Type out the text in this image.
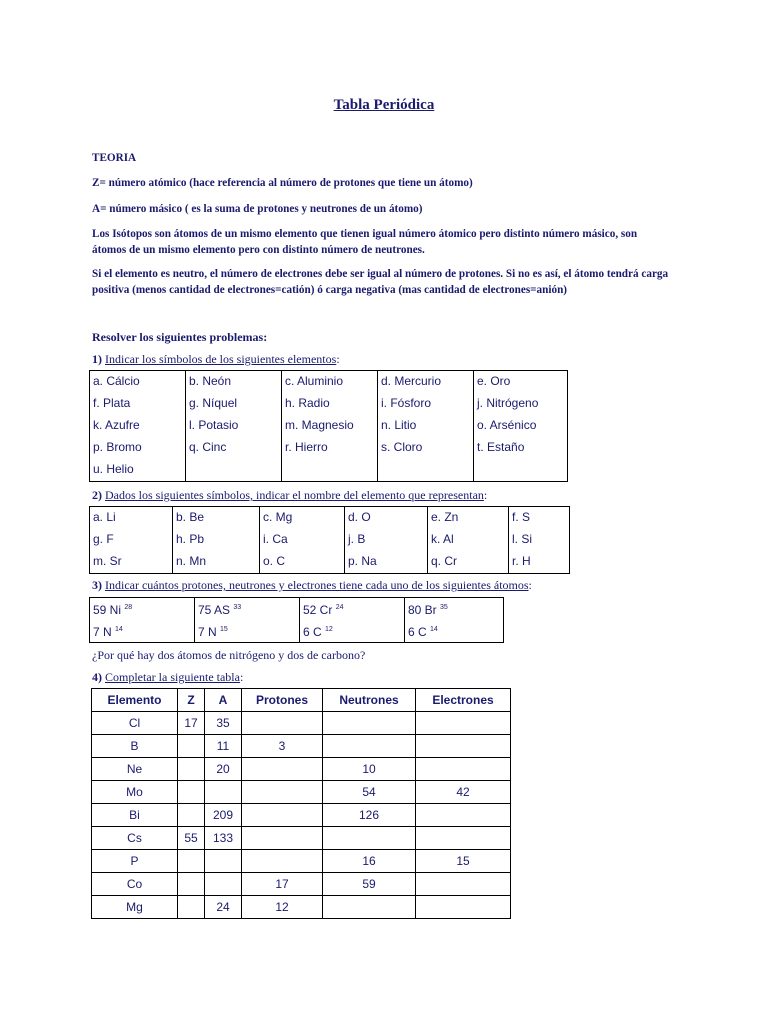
Tabla Periódica
TEORIA
Z= número atómico (hace referencia al número de protones que tiene un átomo)
A= número másico ( es la suma de protones y neutrones de un átomo)
Los Isótopos son átomos de un mismo elemento que tienen igual número átomico pero distinto número másico, son
átomos de un mismo elemento pero con distinto número de neutrones.
Si el elemento es neutro, el número de electrones debe ser igual al número de protones. Si no es así, el átomo tendrá carga
positiva (menos cantidad de electrones=catión) ó carga negativa (mas cantidad de electrones=anión)
Resolver los siguientes problemas:
1) Indicar los símbolos de los siguientes elementos:
a. Cálcio	b. Neón	c. Aluminio	d. Mercurio	e. Oro
f. Plata	g. Níquel	h. Radio	i. Fósforo	j. Nitrógeno
k. Azufre	l. Potasio	m. Magnesio	n. Litio	o. Arsénico
p. Bromo	q. Cinc	r. Hierro	s. Cloro	t. Estaño
u. Helio				
2) Dados los siguientes símbolos, indicar el nombre del elemento que representan:
a. Li	b. Be	c. Mg	d. O	e. Zn	f. S
g. F	h. Pb	i. Ca	j. B	k. Al	l. Si
m. Sr	n. Mn	o. C	p. Na	q. Cr	r. H
3) Indicar cuántos protones, neutrones y electrones tiene cada uno de los siguientes átomos:
59 Ni $^{28}$	75 AS $^{33}$	52 Cr $^{24}$	80 Br $^{35}$
7 N $^{14}$	7 N $^{15}$	6 C $^{12}$	6 C $^{14}$
¿Por qué hay dos átomos de nitrógeno y dos de carbono?
4) Completar la siguiente tabla:
Elemento	Z	A	Protones	Neutrones	Electrones
Cl	17	35			
B		11	3		
Ne		20		10	
Mo				54	42
Bi		209		126	
Cs	55	133			
P				16	15
Co			17	59	
Mg		24	12		
